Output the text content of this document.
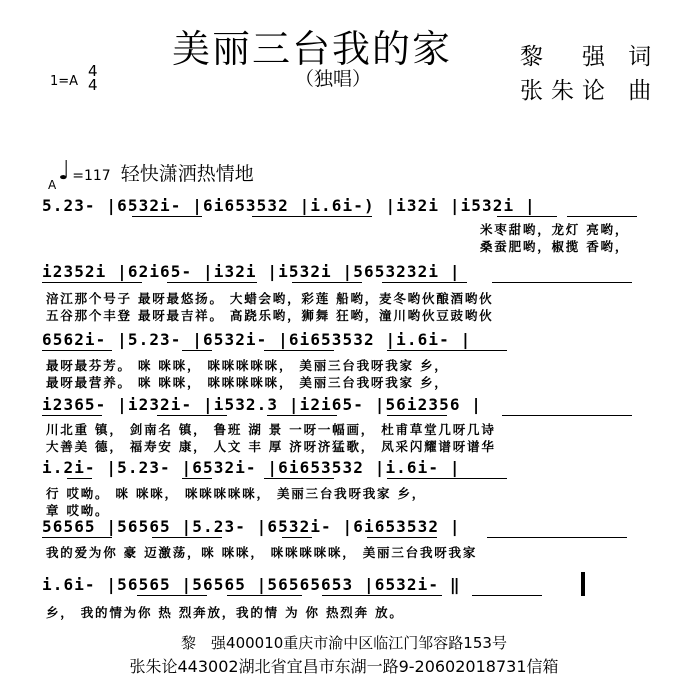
美丽三台我的家
（独唱）
黎　强 词
张朱论 曲
1=A
4
4
♩ =117 轻快潇洒热情地
A
5.23- |6532i- |6i653532 |i.6i-) |i32i |i532i |
米枣甜哟，龙灯 亮哟，
桑蚕肥哟，椒揽 香哟，
i2352i |62i65- |i32i |i532i |5653232i |
涪江那个号子 最呀最悠扬。 大蜡会哟，彩莲 船哟，麦冬哟伙酿酒哟伙
五谷那个丰登 最呀最吉祥。 高跷乐哟，狮舞 狂哟，潼川哟伙豆豉哟伙
6562i- |5.23- |6532i- |6i653532 |i.6i- |
最呀最芬芳。 咪 咪咪， 咪咪咪咪咪， 美丽三台我呀我家 乡，
最呀最营养。 咪 咪咪， 咪咪咪咪咪， 美丽三台我呀我家 乡，
i2365- |i232i- |i532.3 |i2i65- |56i2356 |
川北重 镇， 剑南名 镇， 鲁班 湖 景 一呀一幅画， 杜甫草堂几呀几诗
大善美 德， 福寿安 康， 人文 丰 厚 济呀济猛歌， 凤采闪耀谱呀谱华
i.2i- |5.23- |6532i- |6i653532 |i.6i- |
行 哎呦。 咪 咪咪， 咪咪咪咪咪， 美丽三台我呀我家 乡，
章 哎呦。
56565 |56565 |5.23- |6532i- |6i653532 |
我的爱为你 豪 迈激荡，咪 咪咪， 咪咪咪咪咪， 美丽三台我呀我家
i.6i- |56565 |56565 |56565653 |6532i- ‖
乡， 我的情为你 热 烈奔放，我的情 为 你 热烈奔 放。
黎　强400010重庆市渝中区临江门邹容路153号
张朱论443002湖北省宜昌市东湖一路9-20602018731信箱
